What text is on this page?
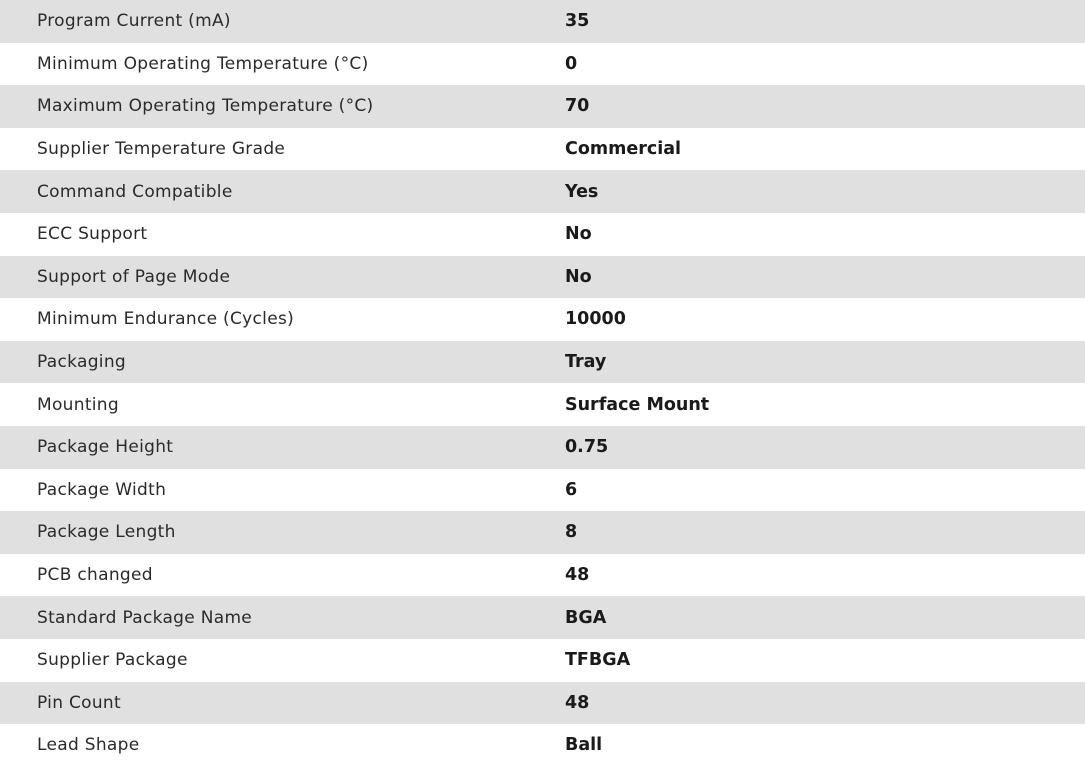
Program Current (mA)	35
Minimum Operating Temperature (°C)	0
Maximum Operating Temperature (°C)	70
Supplier Temperature Grade	Commercial
Command Compatible	Yes
ECC Support	No
Support of Page Mode	No
Minimum Endurance (Cycles)	10000
Packaging	Tray
Mounting	Surface Mount
Package Height	0.75
Package Width	6
Package Length	8
PCB changed	48
Standard Package Name	BGA
Supplier Package	TFBGA
Pin Count	48
Lead Shape	Ball
